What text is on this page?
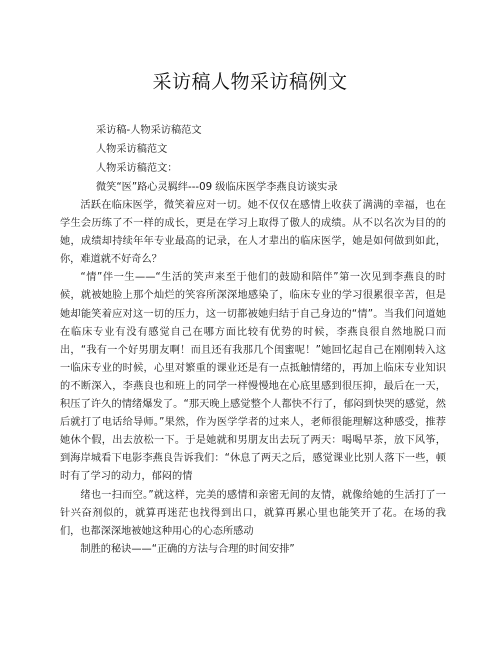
采访稿人物采访稿例文
采访稿-人物采访稿范文
人物采访稿范文
人物采访稿范文：
微笑“医”路心灵羁绊---09 级临床医学李燕良访谈实录

活跃在临床医学，微笑着应对一切。她不仅仅在感情上收获了满满的幸福，也在学生会历练了不一样的成长，更是在学习上取得了傲人的成绩。从不以名次为目的的她，成绩却持续年年专业最高的记录，在人才辈出的临床医学，她是如何做到如此，你，难道就不好奇么？

“情”伴一生——“生活的笑声来至于他们的鼓励和陪伴”第一次见到李燕良的时候，就被她脸上那个灿烂的笑容所深深地感染了，临床专业的学习很累很辛苦，但是她却能笑着应对这一切的压力，这一切都被她归结于自己身边的“情”。当我们问道她在临床专业有没有感觉自己在哪方面比较有优势的时候，李燕良很自然地脱口而出，“我有一个好男朋友啊！而且还有我那几个闺蜜呢！”她回忆起自己在刚刚转入这一临床专业的时候，心里对繁重的课业还是有一点抵触情绪的，再加上临床专业知识的不断深入，李燕良也和班上的同学一样慢慢地在心底里感到很压抑，最后在一天，积压了许久的情绪爆发了。“那天晚上感觉整个人都快不行了，郁闷到快哭的感觉，然后就打了电话给导师。”果然，作为医学学者的过来人，老师很能理解这种感受，推荐她休个假，出去放松一下。于是她就和男朋友出去玩了两天：喝喝早茶，放下风筝，到海岸城看下电影李燕良告诉我们：“休息了两天之后，感觉课业比别人落下一些，顿时有了学习的动力，郁闷的情

绪也一扫而空。”就这样，完美的感情和亲密无间的友情，就像给她的生活打了一针兴奋剂似的，就算再迷茫也找得到出口，就算再累心里也能笑开了花。在场的我们，也都深深地被她这种用心的心态所感动

制胜的秘诀——“正确的方法与合理的时间安排”
